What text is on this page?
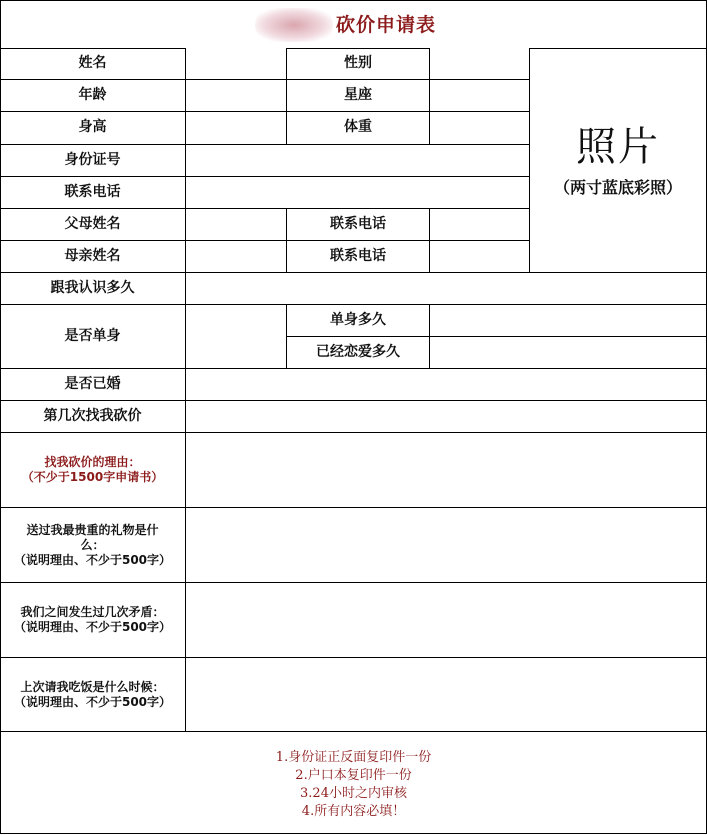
砍价申请表
姓名	性别
年龄	星座
身高	体重
身份证号
联系电话
父母姓名	联系电话
母亲姓名	联系电话
照片
（两寸蓝底彩照）
跟我认识多久
是否单身
单身多久
已经恋爱多久
是否已婚
第几次找我砍价
找我砍价的理由：
（不少于1500字申请书）
送过我最贵重的礼物是什
么：
（说明理由、不少于500字）
我们之间发生过几次矛盾：
（说明理由、不少于500字）
上次请我吃饭是什么时候：
（说明理由、不少于500字）
1.身份证正反面复印件一份
2.户口本复印件一份
3.24小时之内审核
4.所有内容必填！
